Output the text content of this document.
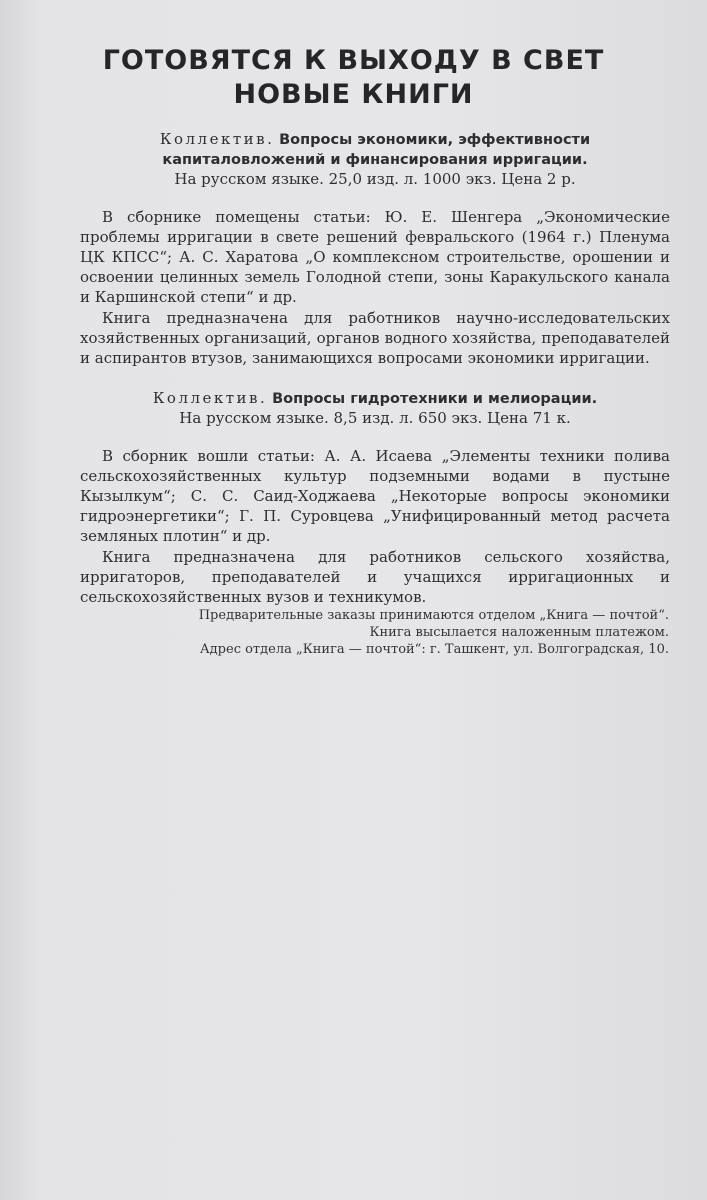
ГОТОВЯТСЯ К ВЫХОДУ В СВЕТ
НОВЫЕ КНИГИ
Коллектив. Вопросы экономики, эффективности
капиталовложений и финансирования ирригации.
На русском языке. 25,0 изд. л. 1000 экз. Цена 2 р.

В сборнике помещены статьи: Ю. Е. Шенгера „Экономические проблемы ирригации в свете решений февральского (1964 г.) Пленума ЦК КПСС“; А. С. Харатова „О комплексном строительстве, орошении и освоении целинных земель Голодной степи, зоны Каракульского канала и Каршинской степи“ и др.

Книга предназначена для работников научно-исследовательских хозяйственных организаций, органов водного хозяйства, преподавателей и аспирантов втузов, занимающихся вопросами экономики ирригации.

Коллектив. Вопросы гидротехники и мелиорации.
На русском языке. 8,5 изд. л. 650 экз. Цена 71 к.

В сборник вошли статьи: А. А. Исаева „Элементы техники полива сельскохозяйственных культур подземными водами в пустыне Кызылкум“; С. С. Саид-Ходжаева „Некоторые вопросы экономики гидроэнергетики“; Г. П. Суровцева „Унифицированный метод расчета земляных плотин“ и др.

Книга предназначена для работников сельского хозяйства, ирригаторов, преподавателей и учащихся ирригационных и сельскохозяйственных вузов и техникумов.

Предварительные заказы принимаются отделом „Книга — почтой“.
Книга высылается наложенным платежом.
Адрес отдела „Книга — почтой“: г. Ташкент, ул. Волгоградская, 10.
